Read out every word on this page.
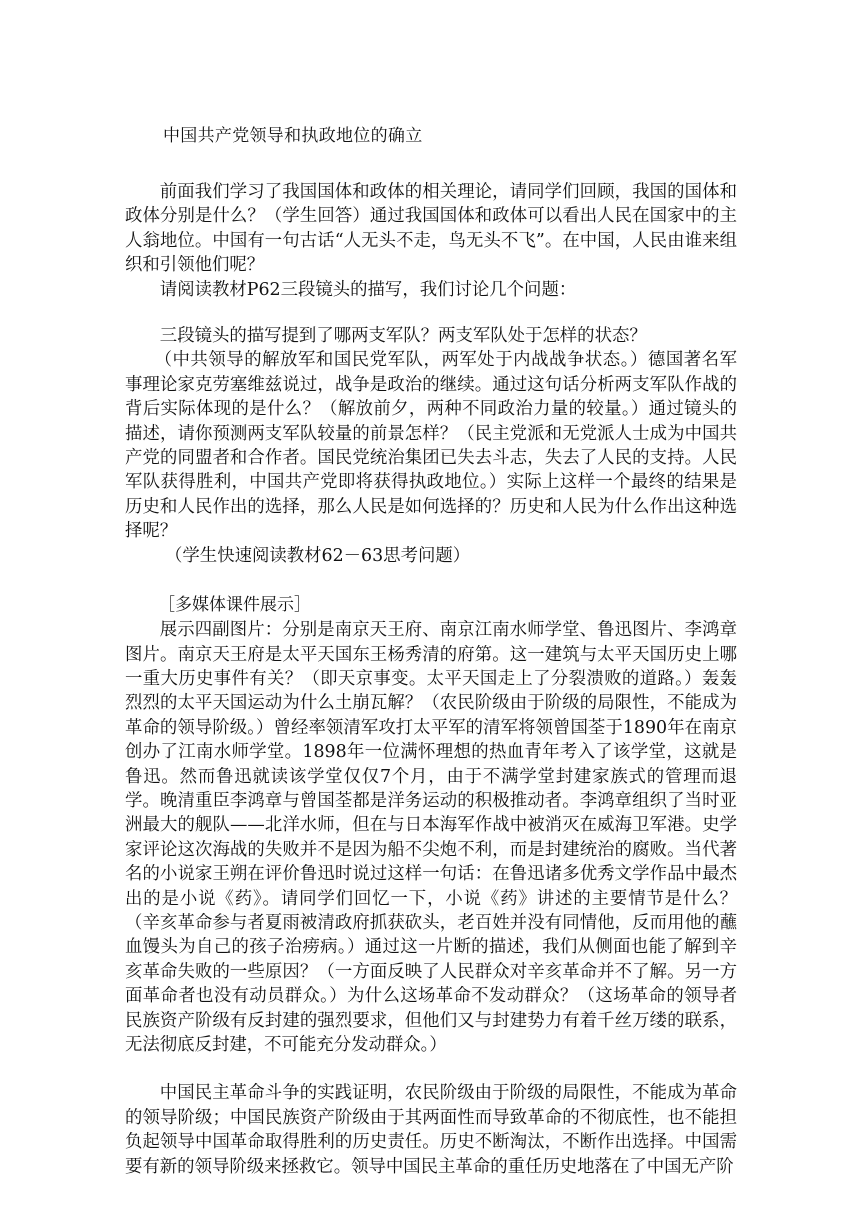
中国共产党领导和执政地位的确立

前面我们学习了我国国体和政体的相关理论，请同学们回顾，我国的国体和政体分别是什么？（学生回答）通过我国国体和政体可以看出人民在国家中的主人翁地位。中国有一句古话“人无头不走，鸟无头不飞”。在中国，人民由谁来组织和引领他们呢？

请阅读教材P62三段镜头的描写，我们讨论几个问题：

三段镜头的描写提到了哪两支军队？两支军队处于怎样的状态？

（中共领导的解放军和国民党军队，两军处于内战战争状态。）德国著名军事理论家克劳塞维兹说过，战争是政治的继续。通过这句话分析两支军队作战的背后实际体现的是什么？（解放前夕，两种不同政治力量的较量。）通过镜头的描述，请你预测两支军队较量的前景怎样？（民主党派和无党派人士成为中国共产党的同盟者和合作者。国民党统治集团已失去斗志，失去了人民的支持。人民军队获得胜利，中国共产党即将获得执政地位。）实际上这样一个最终的结果是历史和人民作出的选择，那么人民是如何选择的？历史和人民为什么作出这种选择呢？

（学生快速阅读教材62－63思考问题）

［多媒体课件展示］

展示四副图片：分别是南京天王府、南京江南水师学堂、鲁迅图片、李鸿章图片。南京天王府是太平天国东王杨秀清的府第。这一建筑与太平天国历史上哪一重大历史事件有关？（即天京事变。太平天国走上了分裂溃败的道路。）轰轰烈烈的太平天国运动为什么土崩瓦解？（农民阶级由于阶级的局限性，不能成为革命的领导阶级。）曾经率领清军攻打太平军的清军将领曾国荃于1890年在南京创办了江南水师学堂。1898年一位满怀理想的热血青年考入了该学堂，这就是鲁迅。然而鲁迅就读该学堂仅仅7个月，由于不满学堂封建家族式的管理而退学。晚清重臣李鸿章与曾国荃都是洋务运动的积极推动者。李鸿章组织了当时亚洲最大的舰队——北洋水师，但在与日本海军作战中被消灭在威海卫军港。史学家评论这次海战的失败并不是因为船不尖炮不利，而是封建统治的腐败。当代著名的小说家王朔在评价鲁迅时说过这样一句话：在鲁迅诸多优秀文学作品中最杰出的是小说《药》。请同学们回忆一下，小说《药》讲述的主要情节是什么？（辛亥革命参与者夏雨被清政府抓获砍头，老百姓并没有同情他，反而用他的蘸血馒头为自己的孩子治痨病。）通过这一片断的描述，我们从侧面也能了解到辛亥革命失败的一些原因？（一方面反映了人民群众对辛亥革命并不了解。另一方面革命者也没有动员群众。）为什么这场革命不发动群众？（这场革命的领导者民族资产阶级有反封建的强烈要求，但他们又与封建势力有着千丝万缕的联系，无法彻底反封建，不可能充分发动群众。）

中国民主革命斗争的实践证明，农民阶级由于阶级的局限性，不能成为革命的领导阶级；中国民族资产阶级由于其两面性而导致革命的不彻底性，也不能担负起领导中国革命取得胜利的历史责任。历史不断淘汰，不断作出选择。中国需要有新的领导阶级来拯救它。领导中国民主革命的重任历史地落在了中国无产阶
